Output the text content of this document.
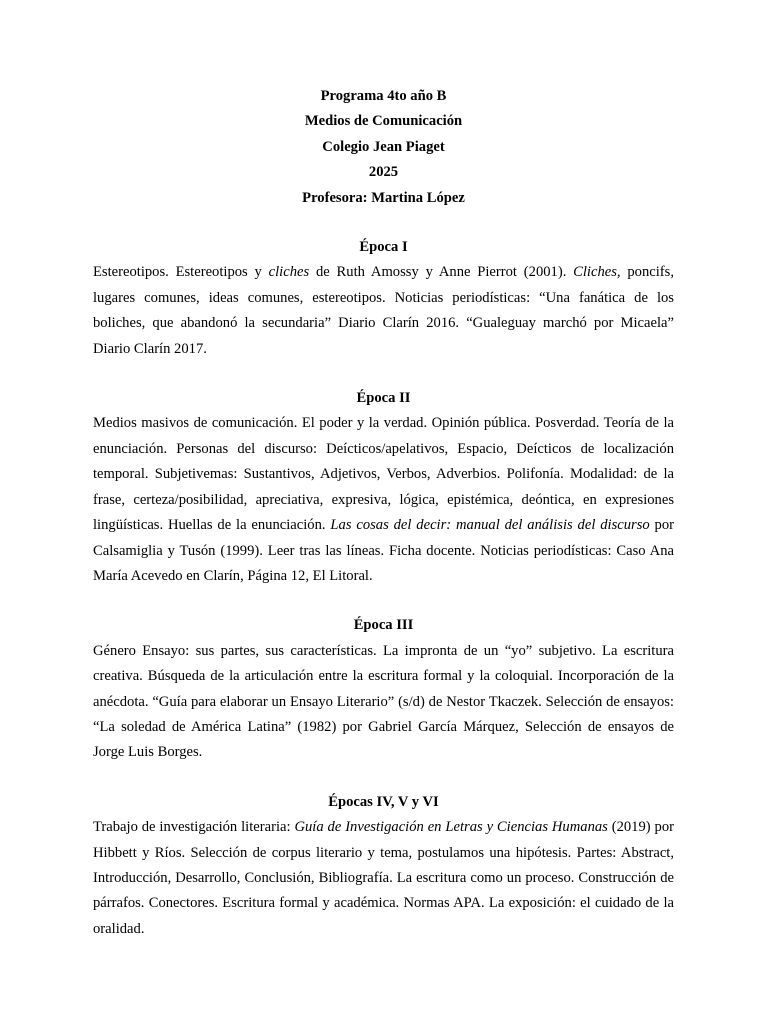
Programa 4to año B
Medios de Comunicación
Colegio Jean Piaget
2025
Profesora: Martina López
Época I
Estereotipos. Estereotipos y cliches de Ruth Amossy y Anne Pierrot (2001). Cliches, poncifs, lugares comunes, ideas comunes, estereotipos. Noticias periodísticas: “Una fanática de los boliches, que abandonó la secundaria” Diario Clarín 2016. “Gualeguay marchó por Micaela” Diario Clarín 2017.
Época II
Medios masivos de comunicación. El poder y la verdad. Opinión pública. Posverdad. Teoría de la enunciación. Personas del discurso: Deícticos/apelativos, Espacio, Deícticos de localización temporal. Subjetivemas: Sustantivos, Adjetivos, Verbos, Adverbios. Polifonía. Modalidad: de la frase, certeza/posibilidad, apreciativa, expresiva, lógica, epistémica, deóntica, en expresiones lingüísticas. Huellas de la enunciación. Las cosas del decir: manual del análisis del discurso por Calsamiglia y Tusón (1999). Leer tras las líneas. Ficha docente. Noticias periodísticas: Caso Ana María Acevedo en Clarín, Página 12, El Litoral.
Época III
Género Ensayo: sus partes, sus características. La impronta de un “yo” subjetivo. La escritura creativa. Búsqueda de la articulación entre la escritura formal y la coloquial. Incorporación de la anécdota. “Guía para elaborar un Ensayo Literario” (s/d) de Nestor Tkaczek. Selección de ensayos: “La soledad de América Latina” (1982) por Gabriel García Márquez, Selección de ensayos de Jorge Luis Borges.
Épocas IV, V y VI
Trabajo de investigación literaria: Guía de Investigación en Letras y Ciencias Humanas (2019) por Hibbett y Ríos. Selección de corpus literario y tema, postulamos una hipótesis. Partes: Abstract, Introducción, Desarrollo, Conclusión, Bibliografía. La escritura como un proceso. Construcción de párrafos. Conectores. Escritura formal y académica. Normas APA. La exposición: el cuidado de la oralidad.
